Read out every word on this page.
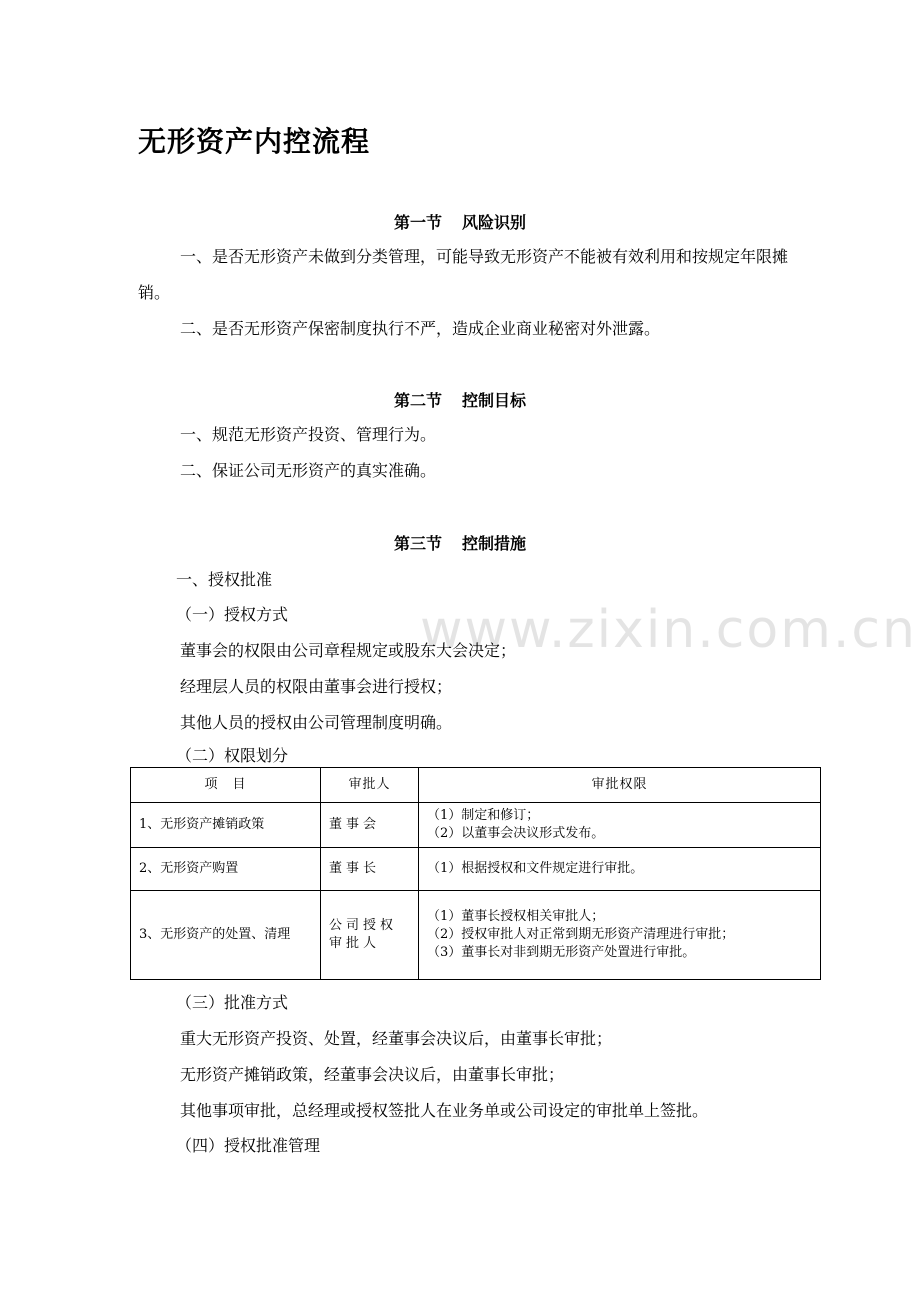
www.zixin.com.cn
无形资产内控流程
第一节 风险识别
一、是否无形资产未做到分类管理，可能导致无形资产不能被有效利用和按规定年限摊销。
二、是否无形资产保密制度执行不严，造成企业商业秘密对外泄露。
第二节 控制目标
一、规范无形资产投资、管理行为。
二、保证公司无形资产的真实准确。
第三节 控制措施
一、授权批准
（一）授权方式
董事会的权限由公司章程规定或股东大会决定；
经理层人员的权限由董事会进行授权；
其他人员的授权由公司管理制度明确。
（二）权限划分
项　目	审批人	审批权限
1、无形资产摊销政策	董事会	（1）制定和修订；
（2）以董事会决议形式发布。

2、无形资产购置	董事长	（1）根据授权和文件规定进行审批。

3、无形资产的处置、清理	公司授权审批人	（1）董事长授权相关审批人；
（2）授权审批人对正常到期无形资产清理进行审批；
（3）董事长对非到期无形资产处置进行审批。
（三）批准方式
重大无形资产投资、处置，经董事会决议后，由董事长审批；
无形资产摊销政策，经董事会决议后，由董事长审批；
其他事项审批，总经理或授权签批人在业务单或公司设定的审批单上签批。
（四）授权批准管理
